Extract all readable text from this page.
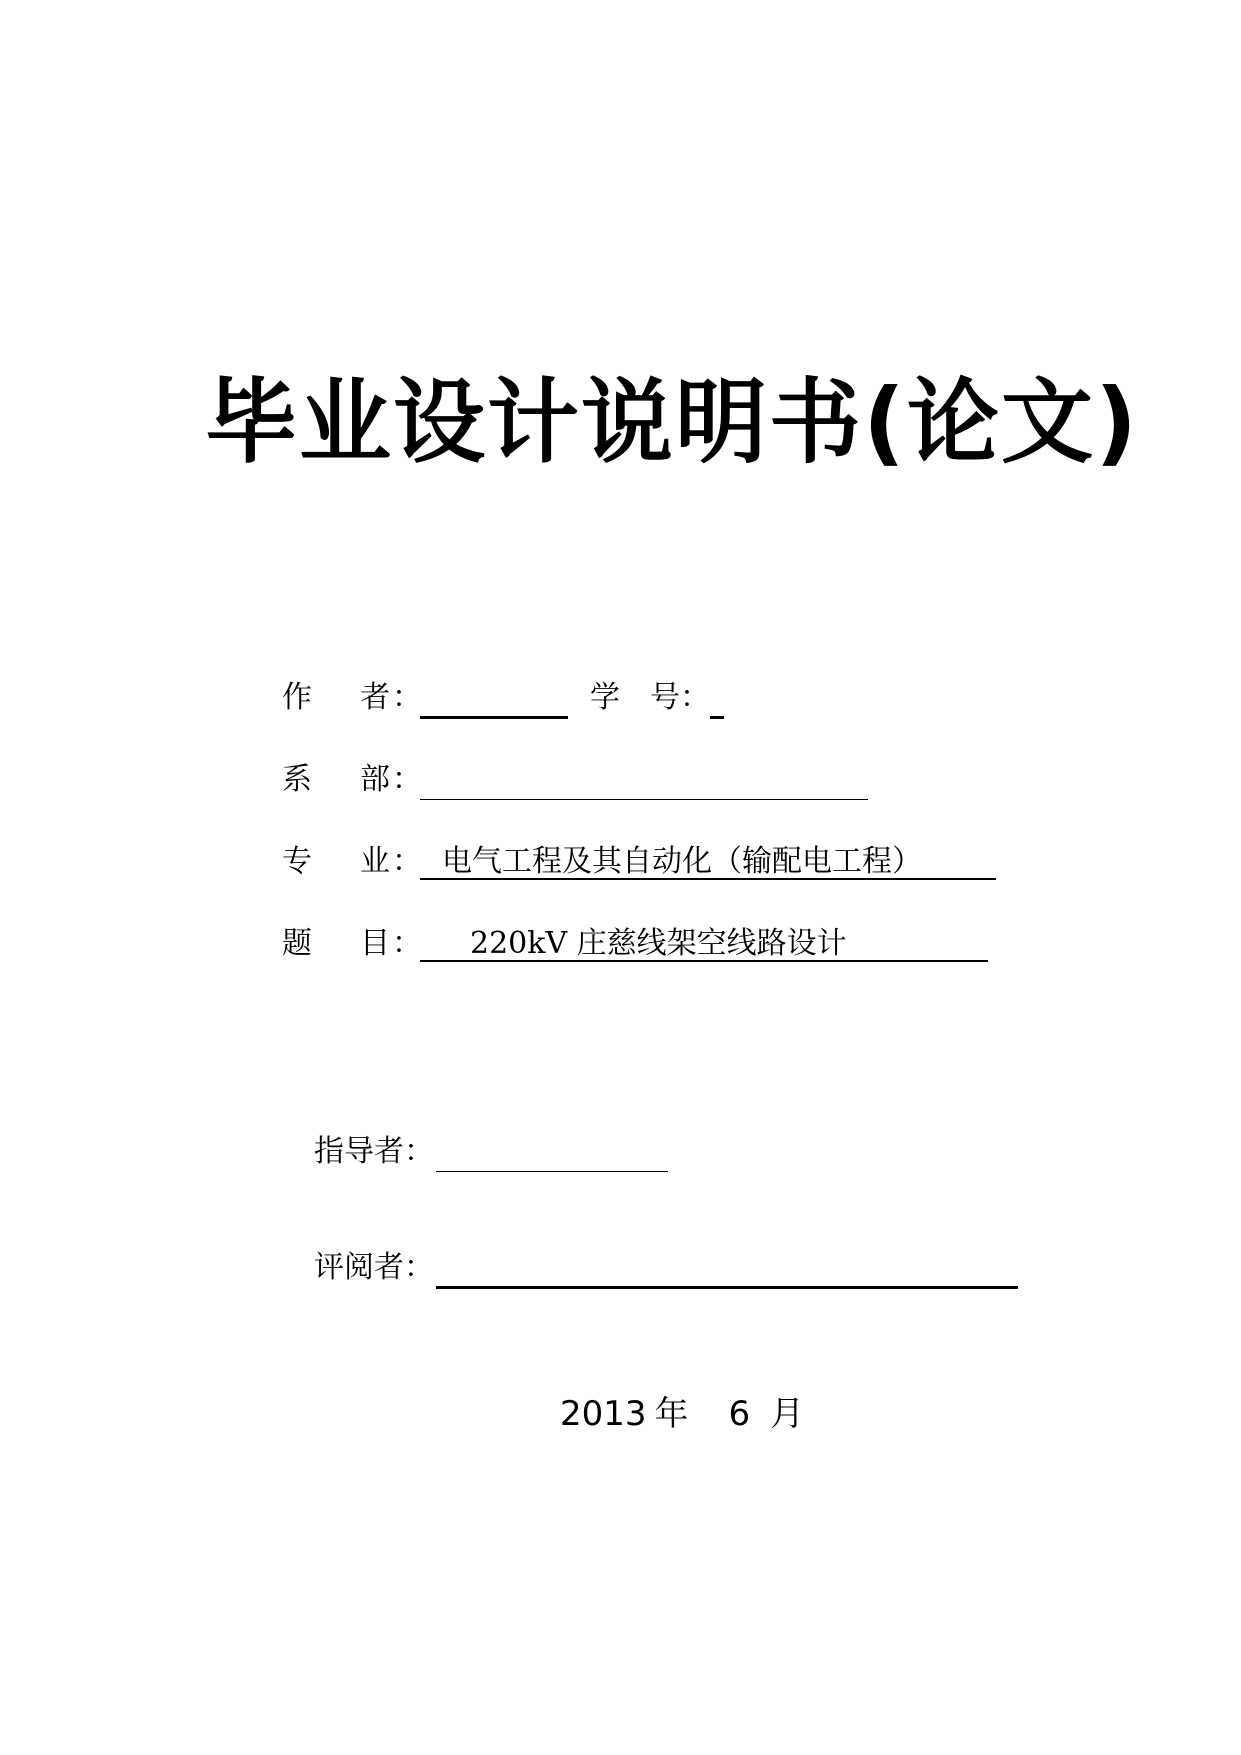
毕业设计说明书(论文)
作 者 ：	学 号 ：
系 部 ：
专 业 ： 电气工程及其自动化（输配电工程）
题 目 ：	220kV 庄慈线架空线路设计
指导者 ：
评阅者 ：
2013 年 6 月
